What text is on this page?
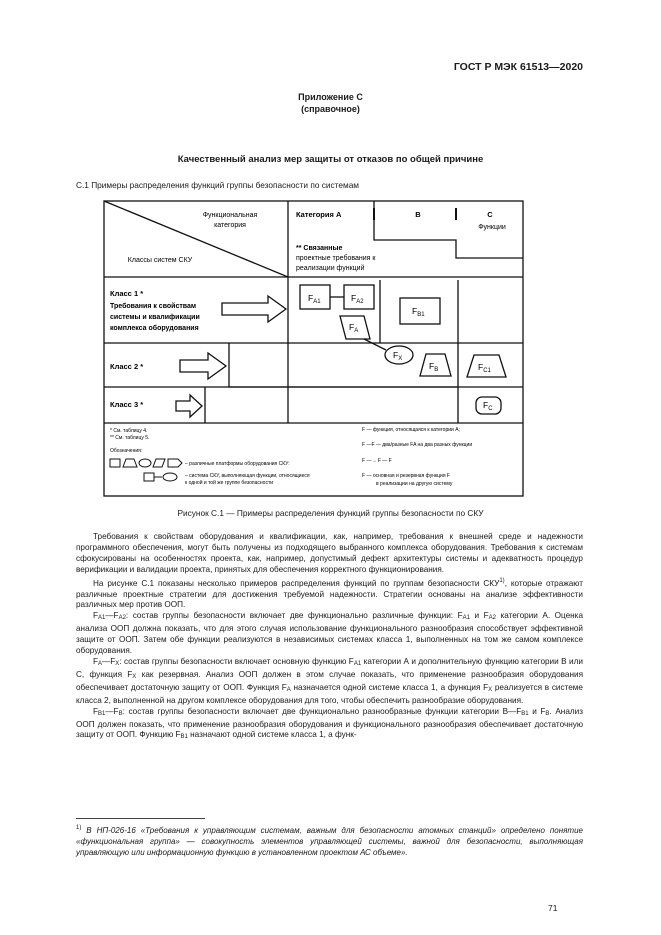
ГОСТ Р МЭК 61513—2020
Приложение С
(справочное)
Качественный анализ мер защиты от отказов по общей причине
С.1 Примеры распределения функций группы безопасности по системам
Функциональная
категория
Классы систем СКУ
Категория А	B	C
Функции
** Связанные
проектные требования к
реализации функций
Класс 1 *
Требования к свойствам
системы и квалификации
комплекса оборудования
Класс 2 *
Класс 3 *
$F_{A1}$	$F_{A2}$
$F_A$
$F_{B1}$
$F_X$
$F_B$	$F_{C1}$
$F_C$
* См. таблицу 4.
** См. таблицу 5.
Обозначения:
– различные платформы оборудования СКУ:
– система СКУ, выполняющая функции, относящиеся
к одной и той же группе безопасности
F — функция, относящаяся к категории А;
F —F — два/разные FA на два разных функции
F —→ F — F
F — основная и резервная функция F
в реализации на другую систему
Рисунок С.1 — Примеры распределения функций группы безопасности по СКУ

Требования к свойствам оборудования и квалификации, как, например, требования к внешней среде и надежности программного обеспечения, могут быть получены из подходящего выбранного комплекса оборудования. Требования к системам сфокусированы на особенностях проекта, как, например, допустимый дефект архитектуры системы и адекватность процедур верификации и валидации проекта, принятых для обеспечения корректного функционирования.

На рисунке С.1 показаны несколько примеров распределения функций по группам безопасности СКУ$^{1)}$, которые отражают различные проектные стратегии для достижения требуемой надежности. Стратегии основаны на анализе эффективности различных мер против ООП.

$F_{A1}—F_{A2}$: состав группы безопасности включает две функционально различные функции: $F_{A1}$ и $F_{A2}$ категории А. Оценка анализа ООП должна показать, что для этого случая использование функционального разнообразия способствует эффективной защите от ООП. Затем обе функции реализуются в независимых системах класса 1, выполненных на том же самом комплексе оборудования.

$F_A—F_X$: состав группы безопасности включает основную функцию $F_{A1}$ категории А и дополнительную функцию категории В или С, функция $F_X$ как резервная. Анализ ООП должен в этом случае показать, что применение разнообразия оборудования обеспечивает достаточную защиту от ООП. Функция $F_A$ назначается одной системе класса 1, а функция $F_X$ реализуется в системе класса 2, выполненной на другом комплексе оборудования для того, чтобы обеспечить разнообразие оборудования.

$F_{B1}—F_B$: состав группы безопасности включает две функционально разнообразные функции категории $В—F_{B1}$ и $F_B$. Анализ ООП должен показать, что применение разнообразия оборудования и функционального разнообразия обеспечивает достаточную защиту от ООП. Функцию $F_{B1}$ назначают одной системе класса 1, а функ-

$^{1)}$ В НП-026-16 «Требования к управляющим системам, важным для безопасности атомных станций» определено понятие «функциональная группа» — совокупность элементов управляющей системы, важной для безопасности, выполняющая управляющую или информационную функцию в установленном проектом АС объеме».
71
